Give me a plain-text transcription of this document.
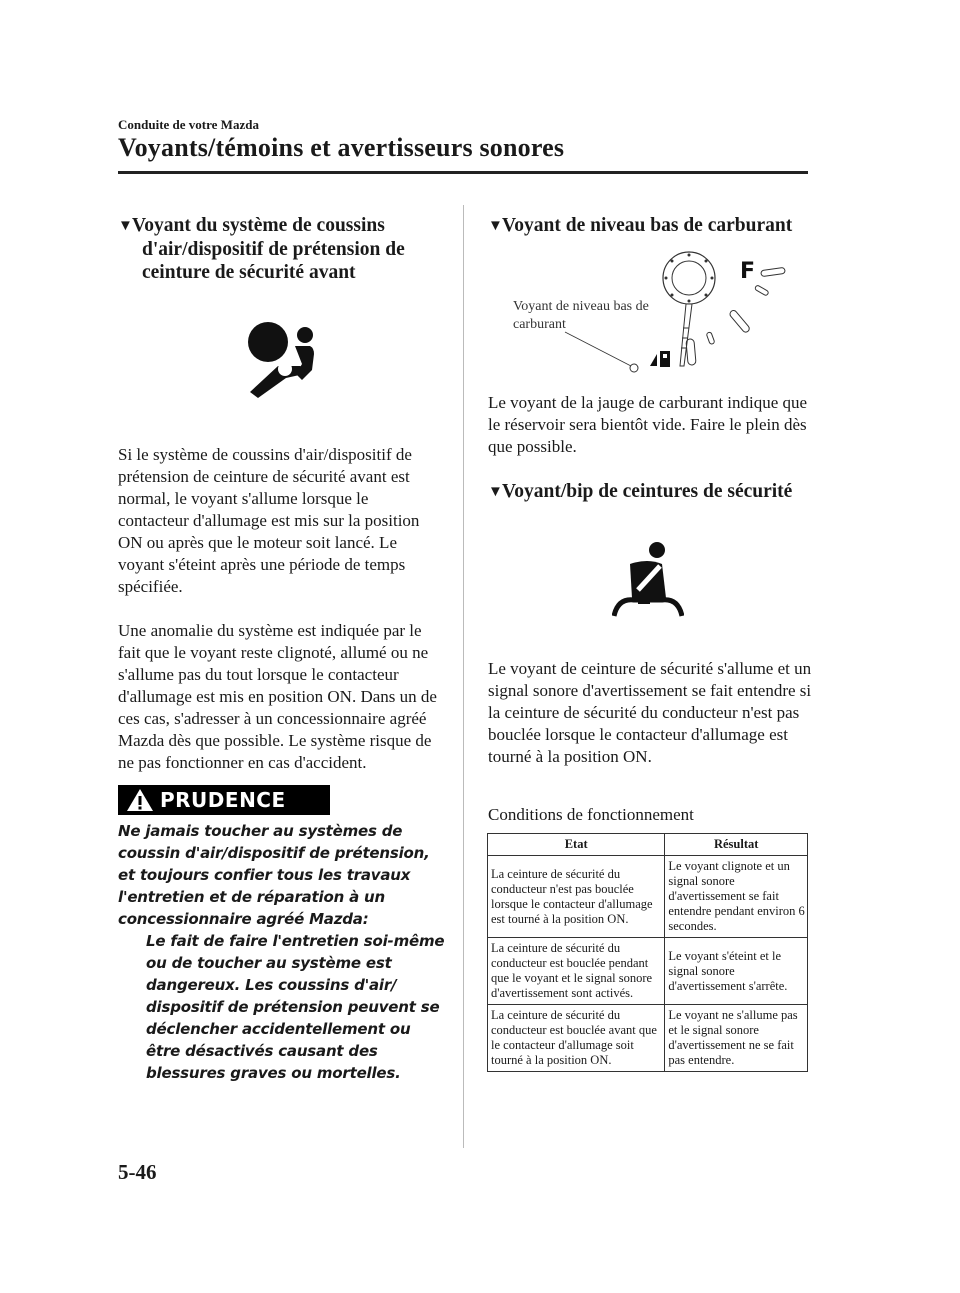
Conduite de votre Mazda
Voyants/témoins et avertisseurs sonores
▼Voyant du système de coussins
d'air/dispositif de prétension de
ceinture de sécurité avant

Si le système de coussins d'air/dispositif de prétension de ceinture de sécurité avant est normal, le voyant s'allume lorsque le contacteur d'allumage est mis sur la position ON ou après que le moteur soit lancé. Le voyant s'éteint après une période de temps spécifiée.

Une anomalie du système est indiquée par le fait que le voyant reste clignoté, allumé ou ne s'allume pas du tout lorsque le contacteur d'allumage est mis en position ON. Dans un de ces cas, s'adresser à un concessionnaire agréé Mazda dès que possible. Le système risque de ne pas fonctionner en cas d'accident.

PRUDENCE
Ne jamais toucher au systèmes de coussin d'air/dispositif de prétension, et toujours confier tous les travaux l'entretien et de réparation à un concessionnaire agréé Mazda:
Le fait de faire l'entretien soi-même ou de toucher au système est dangereux. Les coussins d'air/ dispositif de prétension peuvent se déclencher accidentellement ou être désactivés causant des blessures graves ou mortelles.
▼Voyant de niveau bas de carburant
F
Voyant de niveau bas de
carburant
Le voyant de la jauge de carburant indique que le réservoir sera bientôt vide. Faire le plein dès que possible.
▼Voyant/bip de ceintures de sécurité
Le voyant de ceinture de sécurité s'allume et un signal sonore d'avertissement se fait entendre si la ceinture de sécurité du conducteur n'est pas bouclée lorsque le contacteur d'allumage est tourné à la position ON.
Conditions de fonctionnement
Etat	Résultat
La ceinture de sécurité du conducteur n'est pas bouclée lorsque le contacteur d'allumage est tourné à la position ON.	Le voyant clignote et un signal sonore d'avertissement se fait entendre pendant environ 6 secondes.
La ceinture de sécurité du conducteur est bouclée pendant que le voyant et le signal sonore d'avertissement sont activés.	Le voyant s'éteint et le signal sonore d'avertissement s'arrête.
La ceinture de sécurité du conducteur est bouclée avant que le contacteur d'allumage soit tourné à la position ON.	Le voyant ne s'allume pas et le signal sonore d'avertissement ne se fait pas entendre.
5-46
